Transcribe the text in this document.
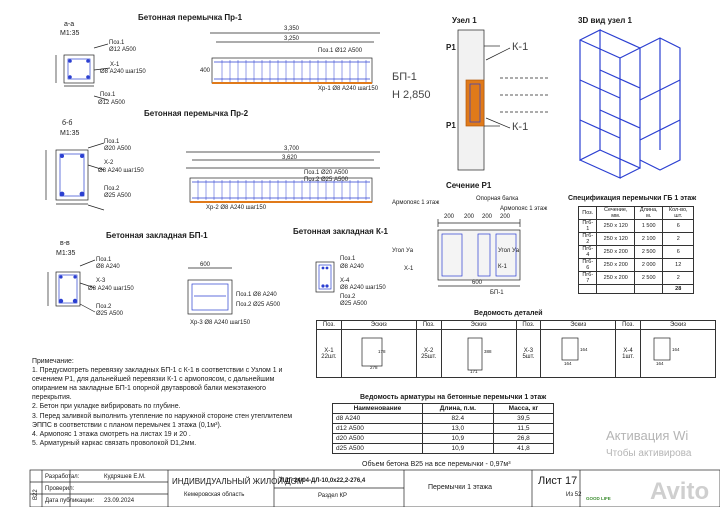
а-а
М1:35
Поз.1
Ø12 А500
Х-1
Ø8 А240 шаг150
Поз.1
Ø12 А500
б-б
М1:35
Поз.1
Ø20 А500
Х-2
Ø8 А240 шаг150
Поз.2
Ø25 А500
в-в
М1:35
Поз.1
Ø8 А240
Х-3
Ø8 А240 шаг150
Поз.2
Ø25 А500
Бетонная перемычка Пр-1
3,350
3,250
400
Поз.1 Ø12 А500
Хр-1 Ø8 А240 шаг150
Бетонная перемычка Пр-2
3,700
3,620
Поз.1 Ø20 А500
Поз.2 Ø25 А500
Хр-2 Ø8 А240 шаг150
Бетонная закладная БП-1
600
Поз.1 Ø8 А240
Поз.2 Ø25 А500
Хр-3 Ø8 А240 шаг150
Бетонная закладная К-1
Поз.1
Ø8 А240
Х-4
Ø8 А240 шаг150
Поз.2
Ø25 А500
Узел 1
Р1
Р1
К-1
БП-1
Н 2,850
К-1
3D вид узел 1
Сечение Р1
Опорная балка
Армопояс 1 этаж
Армопояс 1 этаж
Угол Уа	Угол Уа
К-1
БП-1
Х-1
200 200 200 200
600
Спецификация перемычки ГБ 1 этаж
Поз.	Сечение, мм.	Длина, м.	Кол-во, шт.
Пг6-1	250 х 120	1 500	6
Пг6-2	250 х 120	2 100	2
Пг6-4	250 х 200	2 500	6
Пг6-6	250 х 200	2 000	12
Пг6-7	250 х 200	2 500	2
			28
Ведомость деталей
Поз.	Эскиз	Поз.	Эскиз	Поз.	Эскиз	Поз.	Эскиз
Х-1 22шт.		Х-2 25шт.		Х-3 5шт.		Х-4 1шт.	
178
278
388
171
164
164
164
164
Ведомость арматуры на бетонные перемычки 1 этаж
Наименование	Длина, п.м.	Масса, кг
d8 А240	82.4	39,5
d12 А500	13,0	11,5
d20 А500	10,9	26,8
d25 А500	10,9	41,8
Объем бетона В25 на все перемычки - 0,97м³

Примечание:

1. Предусмотреть перевязку закладных БП-1 с К-1 в соответствии с Узлом 1 и сечением Р1, для дальнейшей перевязки К-1 с армопоясом, с дальнейшим опиранием на закладные БП-1 опорной двутавровой балки межэтажного перекрытия.

2. Бетон при укладке вибрировать по глубине.

3. Перед заливкой выполнить утепление по наружной стороне стен утеплителем ЭППС в соответствии с планом перемычек 1 этажа (0,1м³).

4. Армопояс 1 этажа смотреть на листах 19 и 20 .

5. Арматурный каркас связать проволокой D1,2мм.

В22
Разработал:	Кудряшев Е.М.
Проверил:
Дата публикации: 23.09.2024
ИНДИВИДУАЛЬНЫЙ ЖИЛОЙ ДОМ
Кемеровская область
ПДГ-24/04-ДЛ-10,0х22,2-276,4
Раздел КР
Перемычки 1 этажа
Лист 17
Из 52
GOOD LIFE
Активация Wi
Чтобы активирова
Avito
